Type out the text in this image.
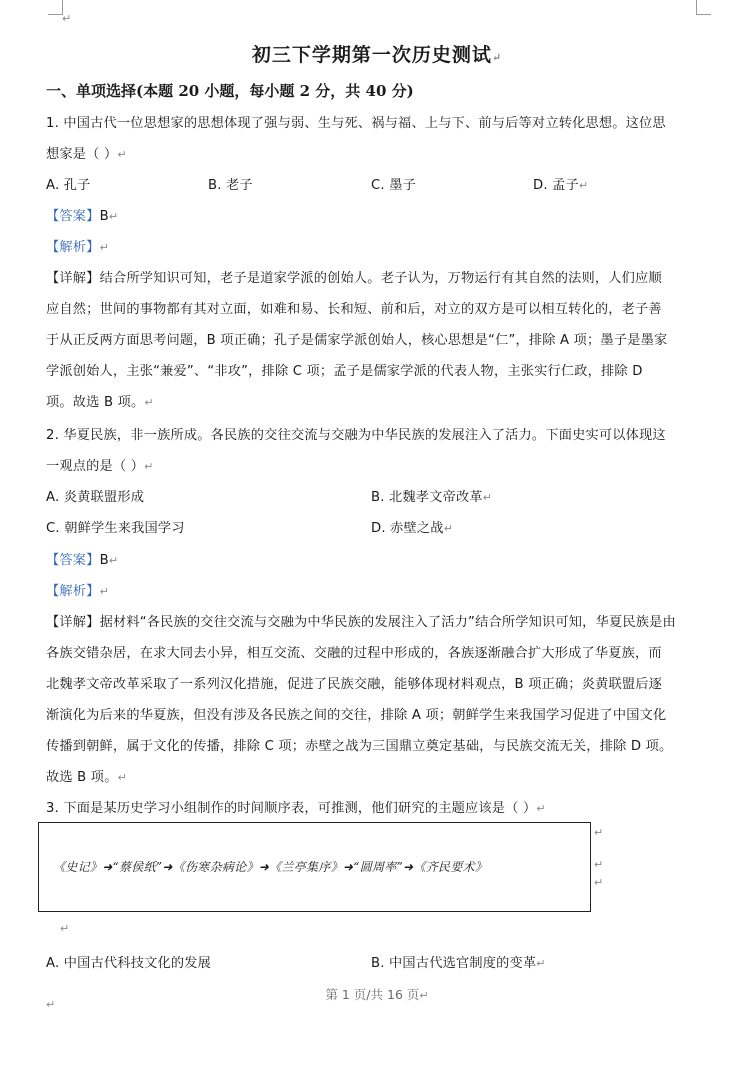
↵
初三下学期第一次历史测试↵
一、单项选择(本题 20 小题，每小题 2 分，共 40 分)
1. 中国古代一位思想家的思想体现了强与弱、生与死、祸与福、上与下、前与后等对立转化思想。这位思
想家是（ ）↵
A. 孔子	B. 老子	C. 墨子	D. 孟子↵
【答案】B↵
【解析】↵
【详解】结合所学知识可知，老子是道家学派的创始人。老子认为，万物运行有其自然的法则，人们应顺
应自然；世间的事物都有其对立面，如难和易、长和短、前和后，对立的双方是可以相互转化的，老子善
于从正反两方面思考问题，B 项正确；孔子是儒家学派创始人，核心思想是“仁”，排除 A 项；墨子是墨家
学派创始人，主张“兼爱”、“非攻”，排除 C 项；孟子是儒家学派的代表人物，主张实行仁政，排除 D
项。故选 B 项。↵
2. 华夏民族，非一族所成。各民族的交往交流与交融为中华民族的发展注入了活力。下面史实可以体现这
一观点的是（ ）↵
A. 炎黄联盟形成	B. 北魏孝文帝改革↵
C. 朝鲜学生来我国学习	D. 赤壁之战↵
【答案】B↵
【解析】↵
【详解】据材料“各民族的交往交流与交融为中华民族的发展注入了活力”结合所学知识可知，华夏民族是由
各族交错杂居，在求大同去小异，相互交流、交融的过程中形成的，各族逐渐融合扩大形成了华夏族，而
北魏孝文帝改革采取了一系列汉化措施，促进了民族交融，能够体现材料观点，B 项正确；炎黄联盟后逐
渐演化为后来的华夏族，但没有涉及各民族之间的交往，排除 A 项；朝鲜学生来我国学习促进了中国文化
传播到朝鲜，属于文化的传播，排除 C 项；赤壁之战为三国鼎立奠定基础，与民族交流无关，排除 D 项。
故选 B 项。↵
3. 下面是某历史学习小组制作的时间顺序表，可推测，他们研究的主题应该是（ ）↵
《史记》➜“蔡侯纸”➜《伤寒杂病论》➜《兰亭集序》➜“圆周率”➜《齐民要术》
↵
↵
↵
↵
A. 中国古代科技文化的发展	B. 中国古代选官制度的变革↵
第 1 页/共 16 页↵
↵
